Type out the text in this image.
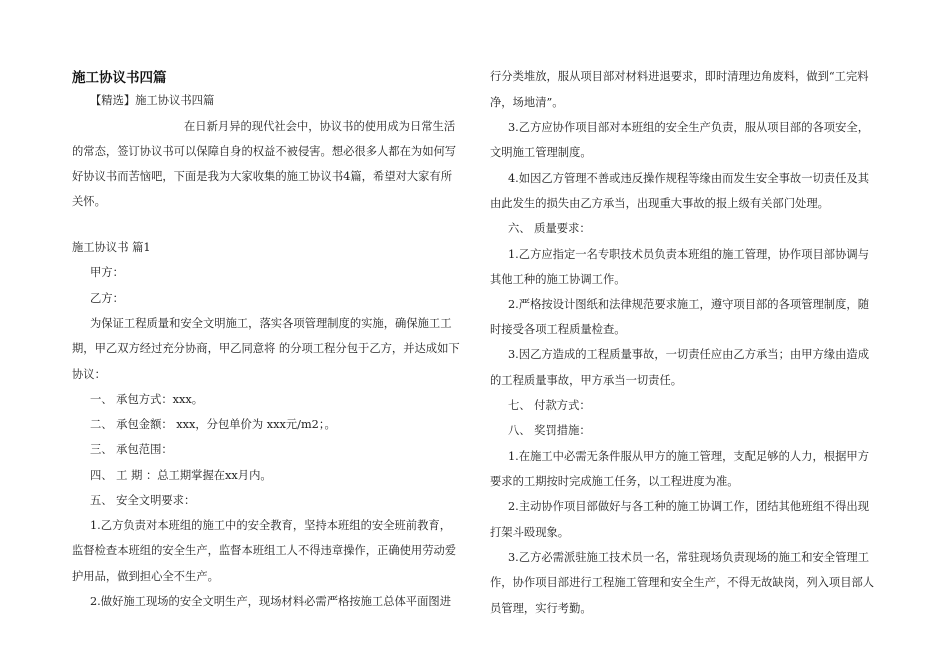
施工协议书四篇
【精选】施工协议书四篇
在日新月异的现代社会中，协议书的使用成为日常生活
的常态，签订协议书可以保障自身的权益不被侵害。想必很多人都在为如何写
好协议书而苦恼吧，下面是我为大家收集的施工协议书4篇，希望对大家有所
关怀。
施工协议书 篇1
甲方：
乙方：
为保证工程质量和安全文明施工，落实各项管理制度的实施，确保施工工
期，甲乙双方经过充分协商，甲乙同意将 的分项工程分包于乙方，并达成如下
协议：
一、 承包方式：xxx。
二、 承包金额： xxx，分包单价为 xxx元/m2；。
三、 承包范围：
四、 工 期 ：总工期掌握在xx月内。
五、 安全文明要求：
1.乙方负责对本班组的施工中的安全教育，坚持本班组的安全班前教育，
监督检查本班组的安全生产，监督本班组工人不得违章操作，正确使用劳动爱
护用品，做到担心全不生产。
2.做好施工现场的安全文明生产，现场材料必需严格按施工总体平面图进
行分类堆放，服从项目部对材料进退要求，即时清理边角废料，做到“工完料
净，场地清”。
3.乙方应协作项目部对本班组的安全生产负责，服从项目部的各项安全，
文明施工管理制度。
4.如因乙方管理不善或违反操作规程等缘由而发生安全事故一切责任及其
由此发生的损失由乙方承当，出现重大事故的报上级有关部门处理。
六、 质量要求：
1.乙方应指定一名专职技术员负责本班组的施工管理，协作项目部协调与
其他工种的施工协调工作。
2.严格按设计图纸和法律规范要求施工，遵守项目部的各项管理制度，随
时接受各项工程质量检查。
3.因乙方造成的工程质量事故，一切责任应由乙方承当；由甲方缘由造成
的工程质量事故，甲方承当一切责任。
七、 付款方式：
八、 奖罚措施：
1.在施工中必需无条件服从甲方的施工管理，支配足够的人力，根据甲方
要求的工期按时完成施工任务，以工程进度为准。
2.主动协作项目部做好与各工种的施工协调工作，团结其他班组不得出现
打架斗殴现象。
3.乙方必需派驻施工技术员一名，常驻现场负责现场的施工和安全管理工
作，协作项目部进行工程施工管理和安全生产，不得无故缺岗，列入项目部人
员管理，实行考勤。
